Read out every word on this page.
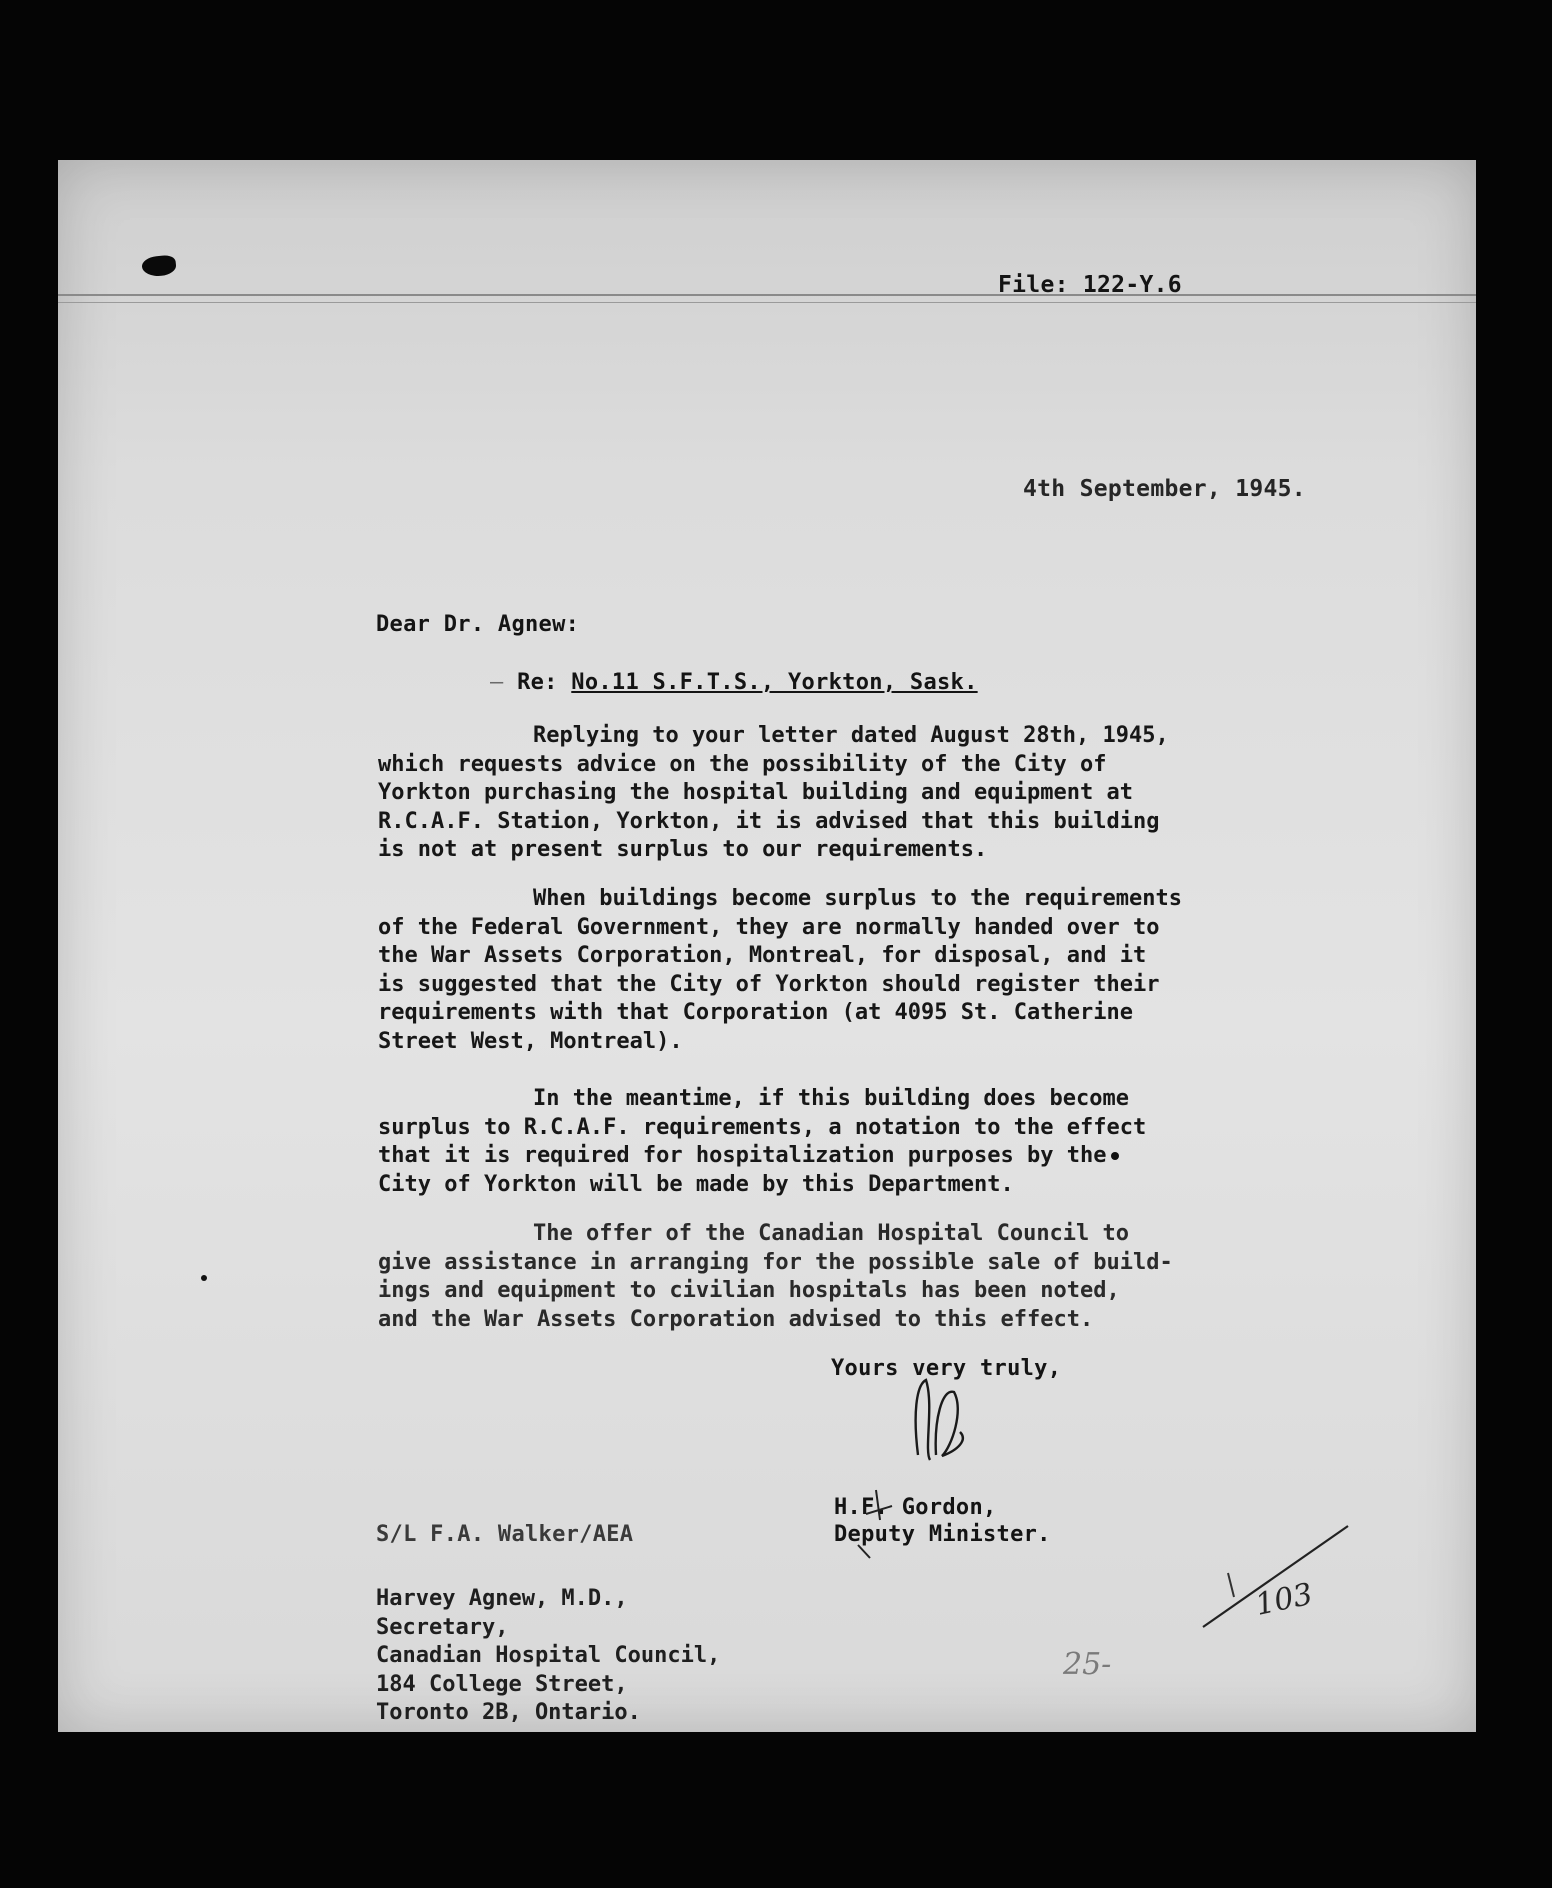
File: 122-Y.6
4th September, 1945.
Dear Dr. Agnew:
— Re: No.11 S.F.T.S., Yorkton, Sask.
Replying to your letter dated August 28th, 1945,
which requests advice on the possibility of the City of
Yorkton purchasing the hospital building and equipment at
R.C.A.F. Station, Yorkton, it is advised that this building
is not at present surplus to our requirements.
When buildings become surplus to the requirements
of the Federal Government, they are normally handed over to
the War Assets Corporation, Montreal, for disposal, and it
is suggested that the City of Yorkton should register their
requirements with that Corporation (at 4095 St. Catherine
Street West, Montreal).
In the meantime, if this building does become
surplus to R.C.A.F. requirements, a notation to the effect
that it is required for hospitalization purposes by the
City of Yorkton will be made by this Department.
The offer of the Canadian Hospital Council to
give assistance in arranging for the possible sale of build-
ings and equipment to civilian hospitals has been noted,
and the War Assets Corporation advised to this effect.
Yours very truly,
H.F. Gordon,
Deputy Minister.
S/L F.A. Walker/AEA
Harvey Agnew, M.D.,
Secretary,
Canadian Hospital Council,
184 College Street,
Toronto 2B, Ontario.
103
25-
